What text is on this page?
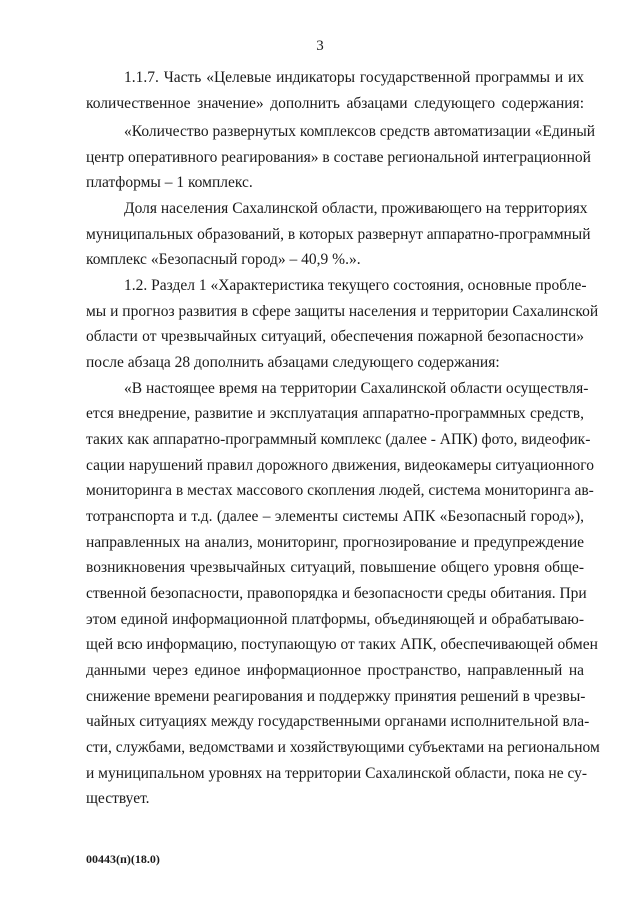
3
1.1.7. Часть «Целевые индикаторы государственной программы и их
количественное значение» дополнить абзацами следующего содержания:
«Количество развернутых комплексов средств автоматизации «Единый
центр оперативного реагирования» в составе региональной интеграционной
платформы – 1 комплекс.
Доля населения Сахалинской области, проживающего на территориях
муниципальных образований, в которых развернут аппаратно-программный
комплекс «Безопасный город» – 40,9 %.».
1.2. Раздел 1 «Характеристика текущего состояния, основные пробле-
мы и прогноз развития в сфере защиты населения и территории Сахалинской
области от чрезвычайных ситуаций, обеспечения пожарной безопасности»
после абзаца 28 дополнить абзацами следующего содержания:
«В настоящее время на территории Сахалинской области осуществля-
ется внедрение, развитие и эксплуатация аппаратно-программных средств,
таких как аппаратно-программный комплекс (далее - АПК) фото, видеофик-
сации нарушений правил дорожного движения, видеокамеры ситуационного
мониторинга в местах массового скопления людей, система мониторинга ав-
тотранспорта и т.д. (далее – элементы системы АПК «Безопасный город»),
направленных на анализ, мониторинг, прогнозирование и предупреждение
возникновения чрезвычайных ситуаций, повышение общего уровня обще-
ственной безопасности, правопорядка и безопасности среды обитания. При
этом единой информационной платформы, объединяющей и обрабатываю-
щей всю информацию, поступающую от таких АПК, обеспечивающей обмен
данными через единое информационное пространство, направленный на
снижение времени реагирования и поддержку принятия решений в чрезвы-
чайных ситуациях между государственными органами исполнительной вла-
сти, службами, ведомствами и хозяйствующими субъектами на региональном
и муниципальном уровнях на территории Сахалинской области, пока не су-
ществует.
00443(п)(18.0)
